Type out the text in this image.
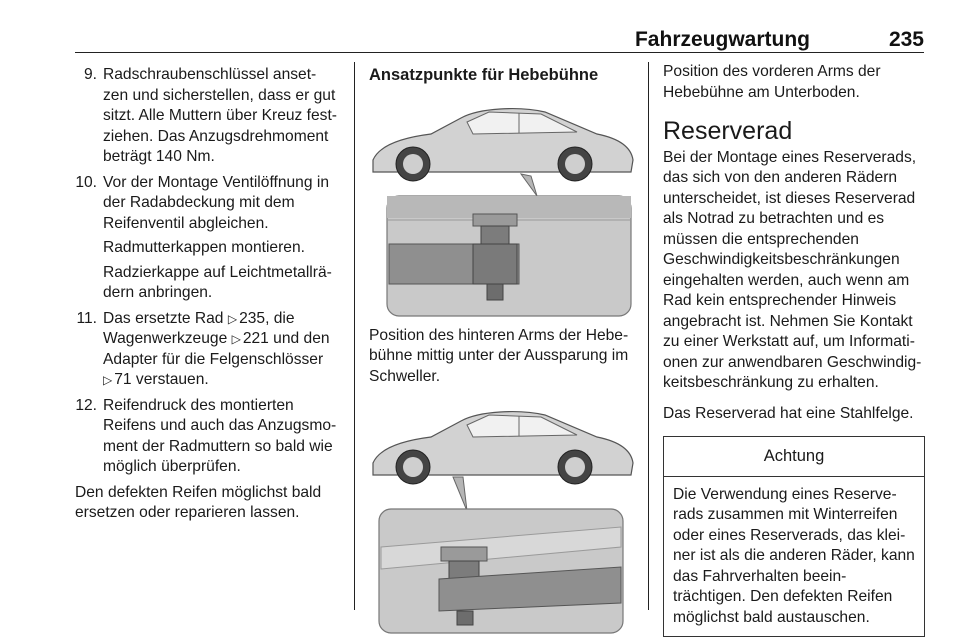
Fahrzeugwartung	235
9. Radschraubenschlüssel anset-zen und sicherstellen, dass er gut sitzt. Alle Muttern über Kreuz fest-ziehen. Das Anzugsdrehmoment beträgt 140 Nm.

10. Vor der Montage Ventilöffnung in der Radabdeckung mit dem Reifenventil abgleichen.

Radmutterkappen montieren.

Radzierkappe auf Leichtmetallrä-dern anbringen.

11. Das ersetzte Rad ▷ 235, die Wagenwerkzeuge ▷ 221 und den Adapter für die Felgenschlösser ▷ 71 verstauen.

12. Reifendruck des montierten Reifens und auch das Anzugsmo-ment der Radmuttern so bald wie möglich überprüfen.

Den defekten Reifen möglichst bald ersetzen oder reparieren lassen.

Ansatzpunkte für Hebebühne

Position des hinteren Arms der Hebe-bühne mittig unter der Aussparung im Schweller.

Position des vorderen Arms der Hebebühne am Unterboden.

Reserverad

Bei der Montage eines Reserverads, das sich von den anderen Rädern unterscheidet, ist dieses Reserverad als Notrad zu betrachten und es müssen die entsprechenden Geschwindigkeitsbeschränkungen eingehalten werden, auch wenn am Rad kein entsprechender Hinweis angebracht ist. Nehmen Sie Kontakt zu einer Werkstatt auf, um Informati-onen zur anwendbaren Geschwindig-keitsbeschränkung zu erhalten.

Das Reserverad hat eine Stahlfelge.

Achtung

Die Verwendung eines Reserve-rads zusammen mit Winterreifen oder eines Reserverads, das klei-ner ist als die anderen Räder, kann das Fahrverhalten beein-trächtigen. Den defekten Reifen möglichst bald austauschen.
